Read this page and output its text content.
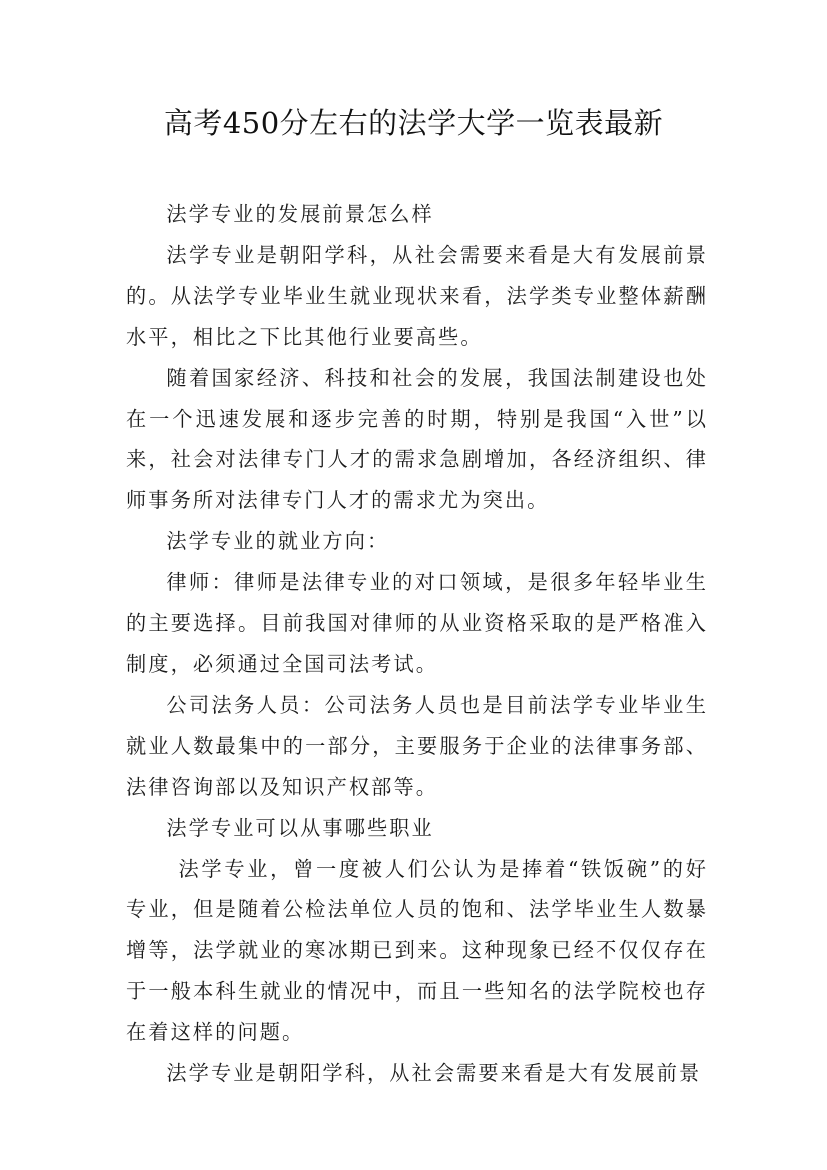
高考450分左右的法学大学一览表最新

法学专业的发展前景怎么样

法学专业是朝阳学科，从社会需要来看是大有发展前景的。从法学专业毕业生就业现状来看，法学类专业整体薪酬水平，相比之下比其他行业要高些。

随着国家经济、科技和社会的发展，我国法制建设也处在一个迅速发展和逐步完善的时期，特别是我国“入世”以来，社会对法律专门人才的需求急剧增加，各经济组织、律师事务所对法律专门人才的需求尤为突出。

法学专业的就业方向：

律师：律师是法律专业的对口领域，是很多年轻毕业生的主要选择。目前我国对律师的从业资格采取的是严格准入制度，必须通过全国司法考试。

公司法务人员：公司法务人员也是目前法学专业毕业生就业人数最集中的一部分，主要服务于企业的法律事务部、法律咨询部以及知识产权部等。

法学专业可以从事哪些职业

法学专业，曾一度被人们公认为是捧着“铁饭碗”的好专业，但是随着公检法单位人员的饱和、法学毕业生人数暴增等，法学就业的寒冰期已到来。这种现象已经不仅仅存在于一般本科生就业的情况中，而且一些知名的法学院校也存在着这样的问题。

法学专业是朝阳学科，从社会需要来看是大有发展前景
